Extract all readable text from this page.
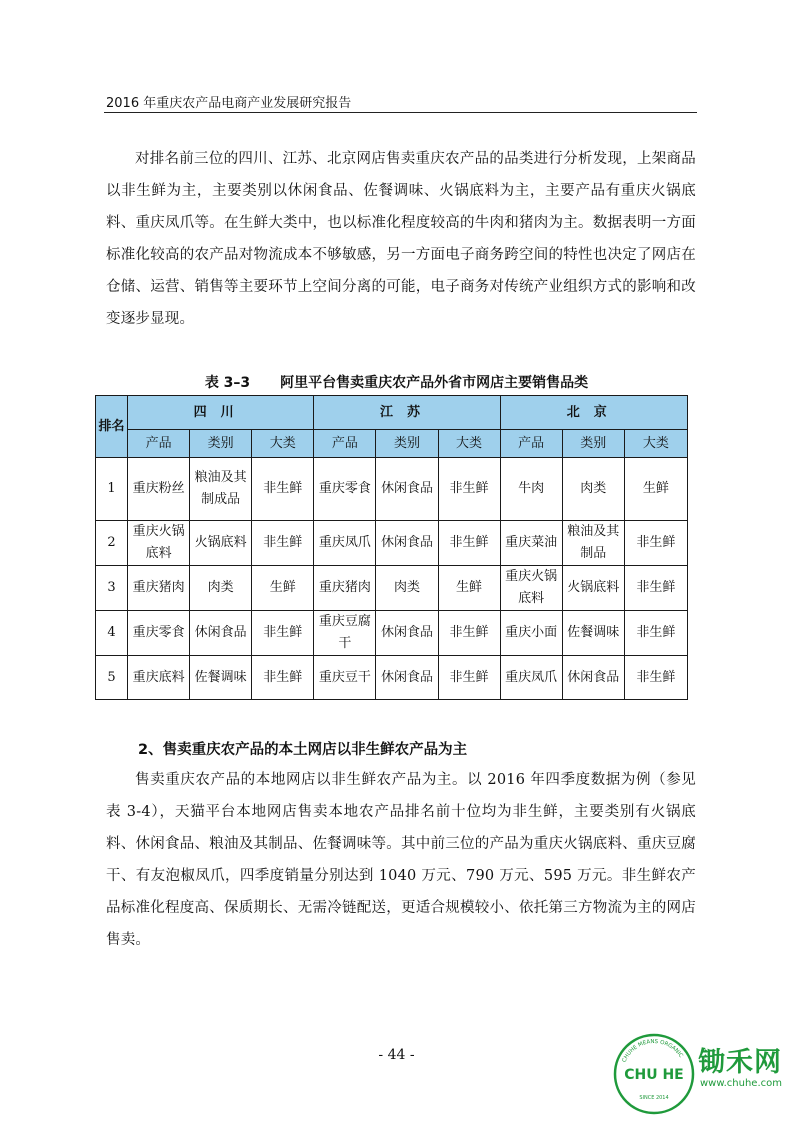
2016 年重庆农产品电商产业发展研究报告
对排名前三位的四川、江苏、北京网店售卖重庆农产品的品类进行分析发现，上架商品以非生鲜为主，主要类别以休闲食品、佐餐调味、火锅底料为主，主要产品有重庆火锅底料、重庆凤爪等。在生鲜大类中，也以标准化程度较高的牛肉和猪肉为主。数据表明一方面标准化较高的农产品对物流成本不够敏感，另一方面电子商务跨空间的特性也决定了网店在仓储、运营、销售等主要环节上空间分离的可能，电子商务对传统产业组织方式的影响和改变逐步显现。
表 3–3 阿里平台售卖重庆农产品外省市网店主要销售品类
排名	四川			江苏			北京		
	产品	类别	大类	产品	类别	大类	产品	类别	大类
1	重庆粉丝	粮油及其制成品	非生鲜	重庆零食	休闲食品	非生鲜	牛肉	肉类	生鲜
2	重庆火锅底料	火锅底料	非生鲜	重庆凤爪	休闲食品	非生鲜	重庆菜油	粮油及其制品	非生鲜
3	重庆猪肉	肉类	生鲜	重庆猪肉	肉类	生鲜	重庆火锅底料	火锅底料	非生鲜
4	重庆零食	休闲食品	非生鲜	重庆豆腐干	休闲食品	非生鲜	重庆小面	佐餐调味	非生鲜
5	重庆底料	佐餐调味	非生鲜	重庆豆干	休闲食品	非生鲜	重庆凤爪	休闲食品	非生鲜
2、售卖重庆农产品的本土网店以非生鲜农产品为主
售卖重庆农产品的本地网店以非生鲜农产品为主。以 2016 年四季度数据为例（参见表 3-4），天猫平台本地网店售卖本地农产品排名前十位均为非生鲜，主要类别有火锅底料、休闲食品、粮油及其制品、佐餐调味等。其中前三位的产品为重庆火锅底料、重庆豆腐干、有友泡椒凤爪，四季度销量分别达到 1040 万元、790 万元、595 万元。非生鲜农产品标准化程度高、保质期长、无需冷链配送，更适合规模较小、依托第三方物流为主的网店售卖。
- 44 -	CHUHE MEANS ORGANIC
CHU HE
SINCE 2014
锄禾网
www.chuhe.com
